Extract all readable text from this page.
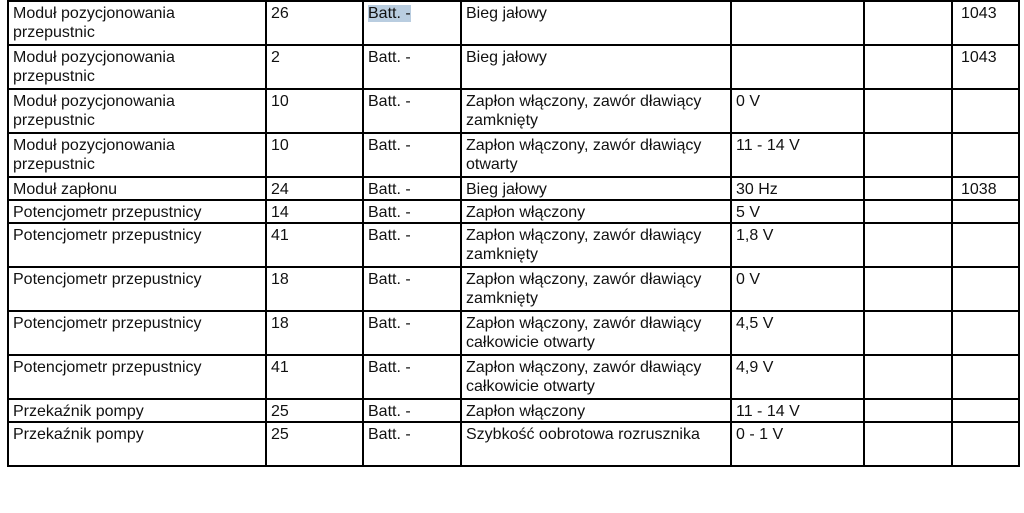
Moduł pozycjonowania przepustnic	26	Batt. -	Bieg jałowy			1043
Moduł pozycjonowania przepustnic	2	Batt. -	Bieg jałowy			1043
Moduł pozycjonowania przepustnic	10	Batt. -	Zapłon włączony, zawór dławiący zamknięty	0 V		
Moduł pozycjonowania przepustnic	10	Batt. -	Zapłon włączony, zawór dławiący otwarty	11 - 14 V		
Moduł zapłonu	24	Batt. -	Bieg jałowy	30 Hz		1038
Potencjometr przepustnicy	14	Batt. -	Zapłon włączony	5 V		
Potencjometr przepustnicy	41	Batt. -	Zapłon włączony, zawór dławiący zamknięty	1,8 V		
Potencjometr przepustnicy	18	Batt. -	Zapłon włączony, zawór dławiący zamknięty	0 V		
Potencjometr przepustnicy	18	Batt. -	Zapłon włączony, zawór dławiący całkowicie otwarty	4,5 V		
Potencjometr przepustnicy	41	Batt. -	Zapłon włączony, zawór dławiący całkowicie otwarty	4,9 V		
Przekaźnik pompy	25	Batt. -	Zapłon włączony	11 - 14 V		
Przekaźnik pompy	25	Batt. -	Szybkość oobrotowa rozrusznika	0 - 1 V		
